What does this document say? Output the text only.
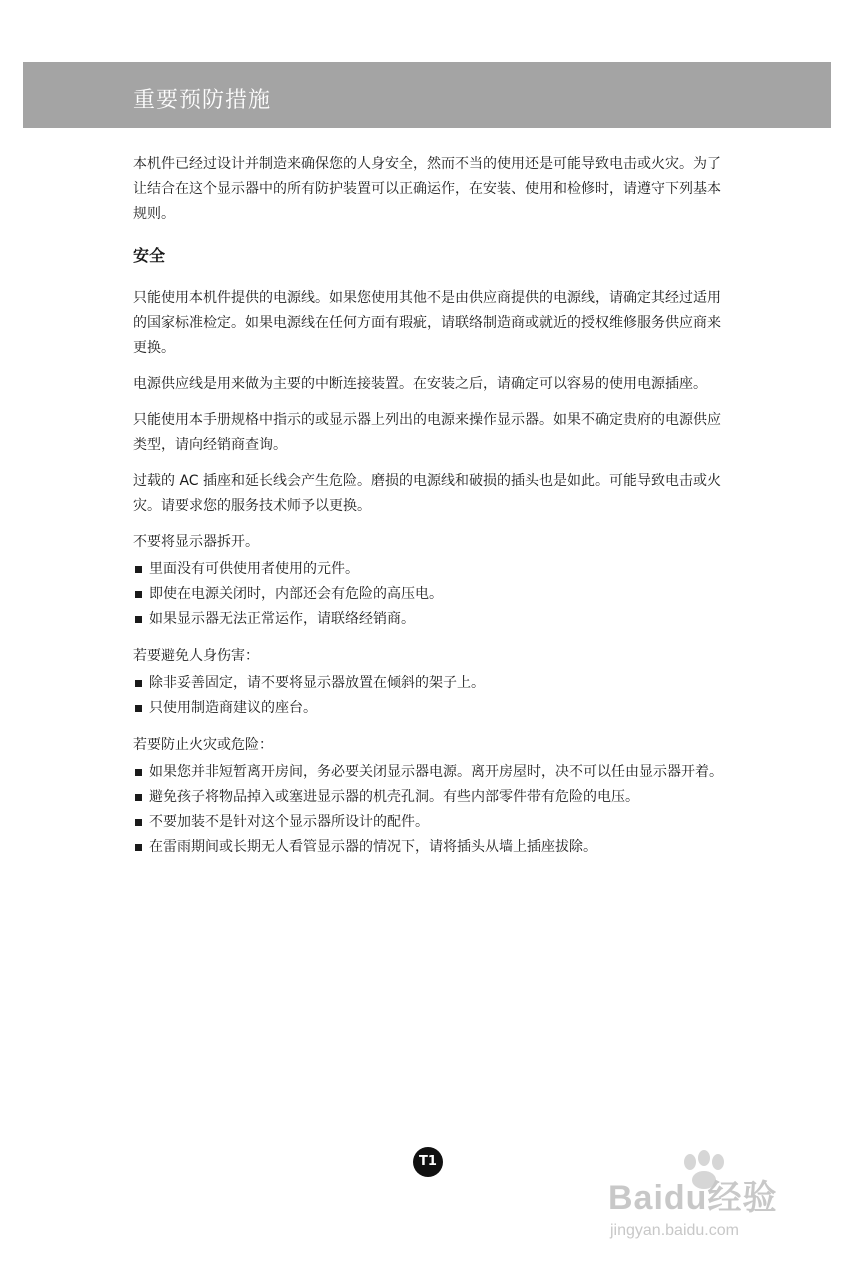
重要预防措施

本机件已经过设计并制造来确保您的人身安全，然而不当的使用还是可能导致电击或火灾。为了让结合在这个显示器中的所有防护装置可以正确运作，在安装、使用和检修时，请遵守下列基本规则。

安全

只能使用本机件提供的电源线。如果您使用其他不是由供应商提供的电源线，请确定其经过适用的国家标准检定。如果电源线在任何方面有瑕疵，请联络制造商或就近的授权维修服务供应商来更换。

电源供应线是用来做为主要的中断连接装置。在安装之后，请确定可以容易的使用电源插座。

只能使用本手册规格中指示的或显示器上列出的电源来操作显示器。如果不确定贵府的电源供应类型，请向经销商查询。

过载的 AC 插座和延长线会产生危险。磨损的电源线和破损的插头也是如此。可能导致电击或火灾。请要求您的服务技术师予以更换。

不要将显示器拆开。
里面没有可供使用者使用的元件。
即使在电源关闭时，内部还会有危险的高压电。
如果显示器无法正常运作，请联络经销商。
若要避免人身伤害：
除非妥善固定，请不要将显示器放置在倾斜的架子上。
只使用制造商建议的座台。
若要防止火灾或危险：
如果您并非短暂离开房间，务必要关闭显示器电源。离开房屋时，决不可以任由显示器开着。
避免孩子将物品掉入或塞进显示器的机壳孔洞。有些内部零件带有危险的电压。
不要加装不是针对这个显示器所设计的配件。
在雷雨期间或长期无人看管显示器的情况下，请将插头从墙上插座拔除。
T1
Baidu经验
jingyan.baidu.com
